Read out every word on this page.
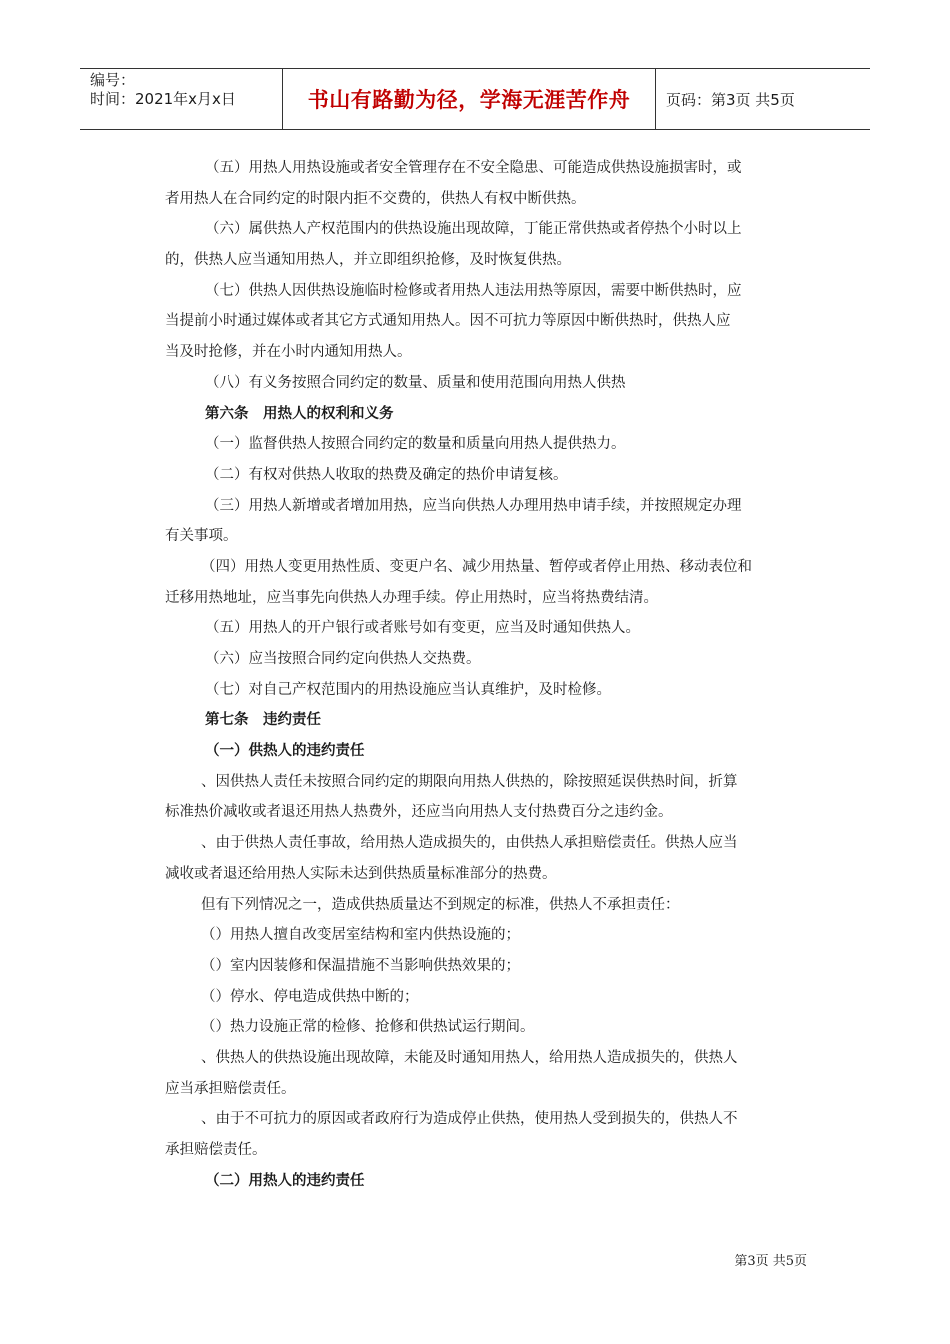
编号：
时间：2021年x月x日	书山有路勤为径，学海无涯苦作舟	页码：第3页 共5页
（五）用热人用热设施或者安全管理存在不安全隐患、可能造成供热设施损害时，或
者用热人在合同约定的时限内拒不交费的，供热人有权中断供热。
（六）属供热人产权范围内的供热设施出现故障，丁能正常供热或者停热个小时以上
的，供热人应当通知用热人，并立即组织抢修，及时恢复供热。
（七）供热人因供热设施临时检修或者用热人违法用热等原因，需要中断供热时，应
当提前小时通过媒体或者其它方式通知用热人。因不可抗力等原因中断供热时，供热人应
当及时抢修，并在小时内通知用热人。
（八）有义务按照合同约定的数量、质量和使用范围向用热人供热
第六条　用热人的权利和义务
（一）监督供热人按照合同约定的数量和质量向用热人提供热力。
（二）有权对供热人收取的热费及确定的热价申请复核。
（三）用热人新增或者增加用热，应当向供热人办理用热申请手续，并按照规定办理
有关事项。
（四）用热人变更用热性质、变更户名、减少用热量、暂停或者停止用热、移动表位和
迁移用热地址，应当事先向供热人办理手续。停止用热时，应当将热费结清。
（五）用热人的开户银行或者账号如有变更，应当及时通知供热人。
（六）应当按照合同约定向供热人交热费。
（七）对自己产权范围内的用热设施应当认真维护，及时检修。
第七条　违约责任
（一）供热人的违约责任
、因供热人责任未按照合同约定的期限向用热人供热的，除按照延误供热时间，折算
标准热价减收或者退还用热人热费外，还应当向用热人支付热费百分之违约金。
、由于供热人责任事故，给用热人造成损失的，由供热人承担赔偿责任。供热人应当
减收或者退还给用热人实际未达到供热质量标准部分的热费。
但有下列情况之一，造成供热质量达不到规定的标准，供热人不承担责任：
（）用热人擅自改变居室结构和室内供热设施的；
（）室内因装修和保温措施不当影响供热效果的；
（）停水、停电造成供热中断的；
（）热力设施正常的检修、抢修和供热试运行期间。
、供热人的供热设施出现故障，未能及时通知用热人，给用热人造成损失的，供热人
应当承担赔偿责任。
、由于不可抗力的原因或者政府行为造成停止供热，使用热人受到损失的，供热人不
承担赔偿责任。
（二）用热人的违约责任
第3页 共5页
